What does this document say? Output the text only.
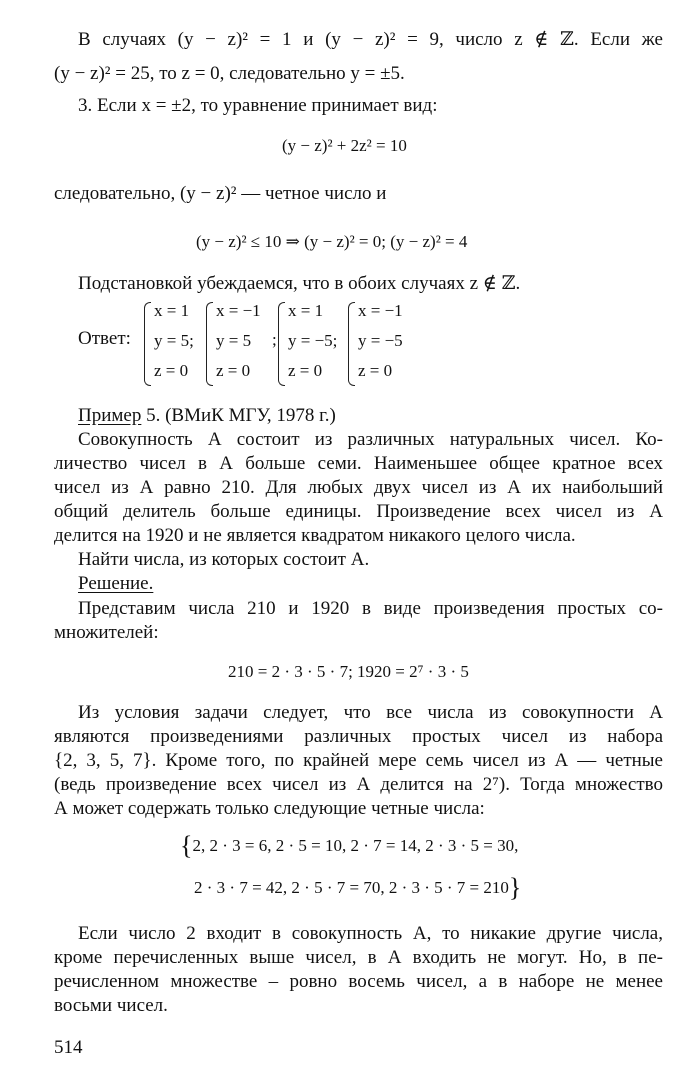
В случаях (y − z)² = 1 и (y − z)² = 9, число z ∉ ℤ. Если же

(y − z)² = 25, то z = 0, следовательно y = ±5.

3. Если x = ±2, то уравнение принимает вид:

(y − z)² + 2z² = 10

следовательно, (y − z)² — четное число и

(y − z)² ≤ 10 ⇒ (y − z)² = 0; (y − z)² = 4

Подстановкой убеждаемся, что в обоих случаях z ∉ ℤ.

Ответ:
x = 1
y = 5;
z = 0
x = −1
y = 5
z = 0
;
x = 1
y = −5;
z = 0
x = −1
y = −5
z = 0

Пример 5. (ВМиК МГУ, 1978 г.)

Совокупность А состоит из различных натуральных чисел. Ко-

личество чисел в А больше семи. Наименьшее общее кратное всех

чисел из А равно 210. Для любых двух чисел из А их наибольший

общий делитель больше единицы. Произведение всех чисел из А

делится на 1920 и не является квадратом никакого целого числа.

Найти числа, из которых состоит А.

Решение.

Представим числа 210 и 1920 в виде произведения простых со-

множителей:

210 = 2 · 3 · 5 · 7; 1920 = 2⁷ · 3 · 5

Из условия задачи следует, что все числа из совокупности А

являются произведениями различных простых чисел из набора

{2, 3, 5, 7}. Кроме того, по крайней мере семь чисел из А — четные

(ведь произведение всех чисел из А делится на 2⁷). Тогда множество

А может содержать только следующие четные числа:

{2, 2 · 3 = 6, 2 · 5 = 10, 2 · 7 = 14, 2 · 3 · 5 = 30,

2 · 3 · 7 = 42, 2 · 5 · 7 = 70, 2 · 3 · 5 · 7 = 210}

Если число 2 входит в совокупность А, то никакие другие числа,

кроме перечисленных выше чисел, в А входить не могут. Но, в пе-

речисленном множестве – ровно восемь чисел, а в наборе не менее

восьми чисел.

514
